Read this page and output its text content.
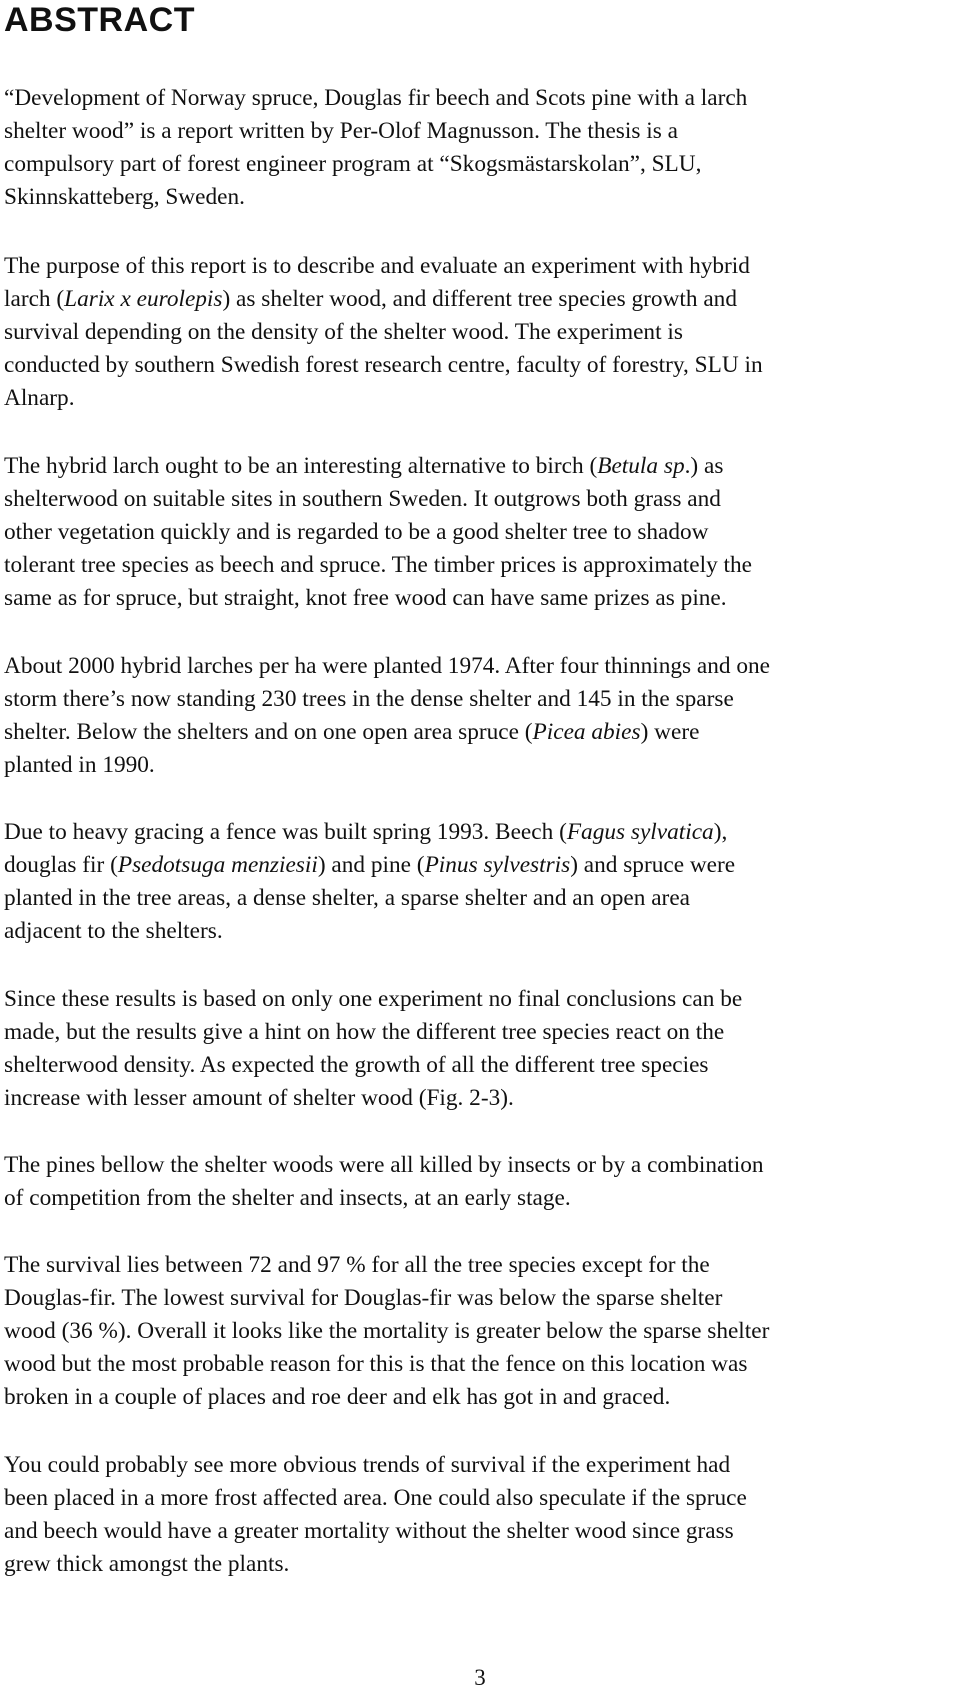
ABSTRACT

“Development of Norway spruce, Douglas fir beech and Scots pine with a larch
shelter wood” is a report written by Per-Olof Magnusson. The thesis is a
compulsory part of forest engineer program at “Skogsmästarskolan”, SLU,
Skinnskatteberg, Sweden.

The purpose of this report is to describe and evaluate an experiment with hybrid
larch (Larix x eurolepis) as shelter wood, and different tree species growth and
survival depending on the density of the shelter wood. The experiment is
conducted by southern Swedish forest research centre, faculty of forestry, SLU in
Alnarp.

The hybrid larch ought to be an interesting alternative to birch (Betula sp.) as
shelterwood on suitable sites in southern Sweden. It outgrows both grass and
other vegetation quickly and is regarded to be a good shelter tree to shadow
tolerant tree species as beech and spruce. The timber prices is approximately the
same as for spruce, but straight, knot free wood can have same prizes as pine.

About 2000 hybrid larches per ha were planted 1974. After four thinnings and one
storm there’s now standing 230 trees in the dense shelter and 145 in the sparse
shelter. Below the shelters and on one open area spruce (Picea abies) were
planted in 1990.

Due to heavy gracing a fence was built spring 1993. Beech (Fagus sylvatica),
douglas fir (Psedotsuga menziesii) and pine (Pinus sylvestris) and spruce were
planted in the tree areas, a dense shelter, a sparse shelter and an open area
adjacent to the shelters.

Since these results is based on only one experiment no final conclusions can be
made, but the results give a hint on how the different tree species react on the
shelterwood density. As expected the growth of all the different tree species
increase with lesser amount of shelter wood (Fig. 2-3).

The pines bellow the shelter woods were all killed by insects or by a combination
of competition from the shelter and insects, at an early stage.

The survival lies between 72 and 97 % for all the tree species except for the
Douglas-fir. The lowest survival for Douglas-fir was below the sparse shelter
wood (36 %). Overall it looks like the mortality is greater below the sparse shelter
wood but the most probable reason for this is that the fence on this location was
broken in a couple of places and roe deer and elk has got in and graced.

You could probably see more obvious trends of survival if the experiment had
been placed in a more frost affected area. One could also speculate if the spruce
and beech would have a greater mortality without the shelter wood since grass
grew thick amongst the plants.

3
